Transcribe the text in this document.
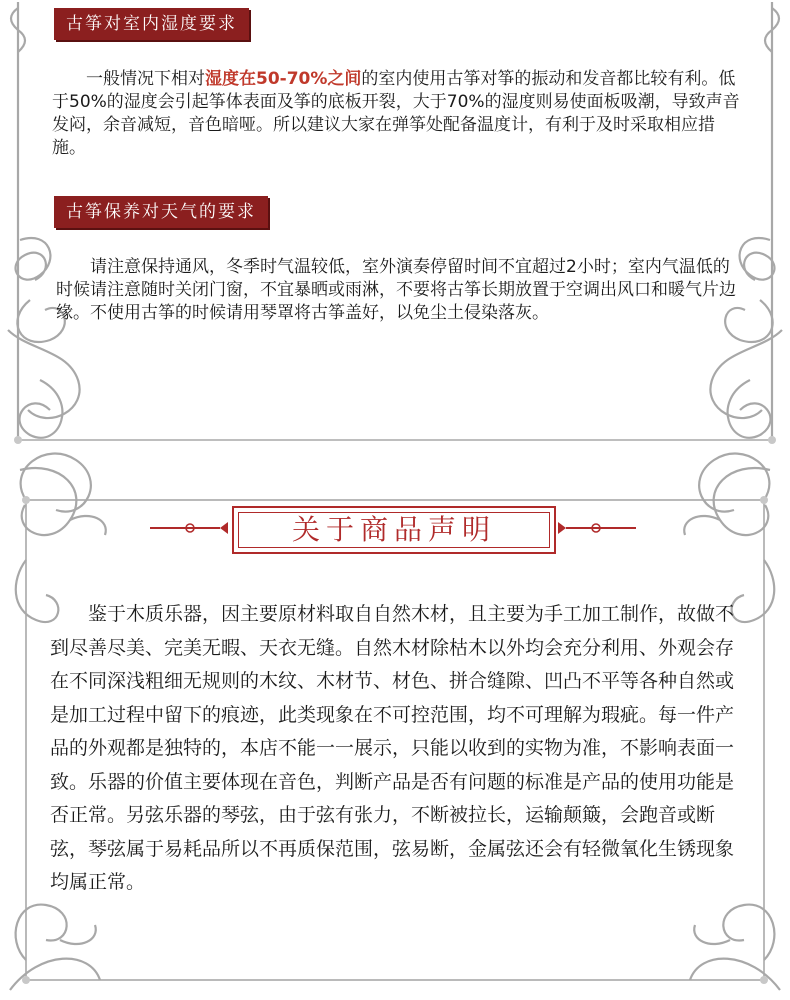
古筝对室内湿度要求

一般情况下相对湿度在50-70%之间的室内使用古筝对筝的振动和发音都比较有利。低于50%的湿度会引起筝体表面及筝的底板开裂，大于70%的湿度则易使面板吸潮，导致声音发闷，余音减短，音色暗哑。所以建议大家在弹筝处配备温度计，有利于及时采取相应措施。

古筝保养对天气的要求

请注意保持通风，冬季时气温较低，室外演奏停留时间不宜超过2小时；室内气温低的时候请注意随时关闭门窗，不宜暴晒或雨淋，不要将古筝长期放置于空调出风口和暖气片边缘。不使用古筝的时候请用琴罩将古筝盖好，以免尘土侵染落灰。

关于商品声明

鉴于木质乐器，因主要原材料取自自然木材，且主要为手工加工制作，故做不到尽善尽美、完美无暇、天衣无缝。自然木材除枯木以外均会充分利用、外观会存在不同深浅粗细无规则的木纹、木材节、材色、拼合缝隙、凹凸不平等各种自然或是加工过程中留下的痕迹，此类现象在不可控范围，均不可理解为瑕疵。每一件产品的外观都是独特的，本店不能一一展示，只能以收到的实物为准，不影响表面一致。乐器的价值主要体现在音色，判断产品是否有问题的标准是产品的使用功能是否正常。另弦乐器的琴弦，由于弦有张力，不断被拉长，运输颠簸，会跑音或断弦，琴弦属于易耗品所以不再质保范围，弦易断，金属弦还会有轻微氧化生锈现象均属正常。
